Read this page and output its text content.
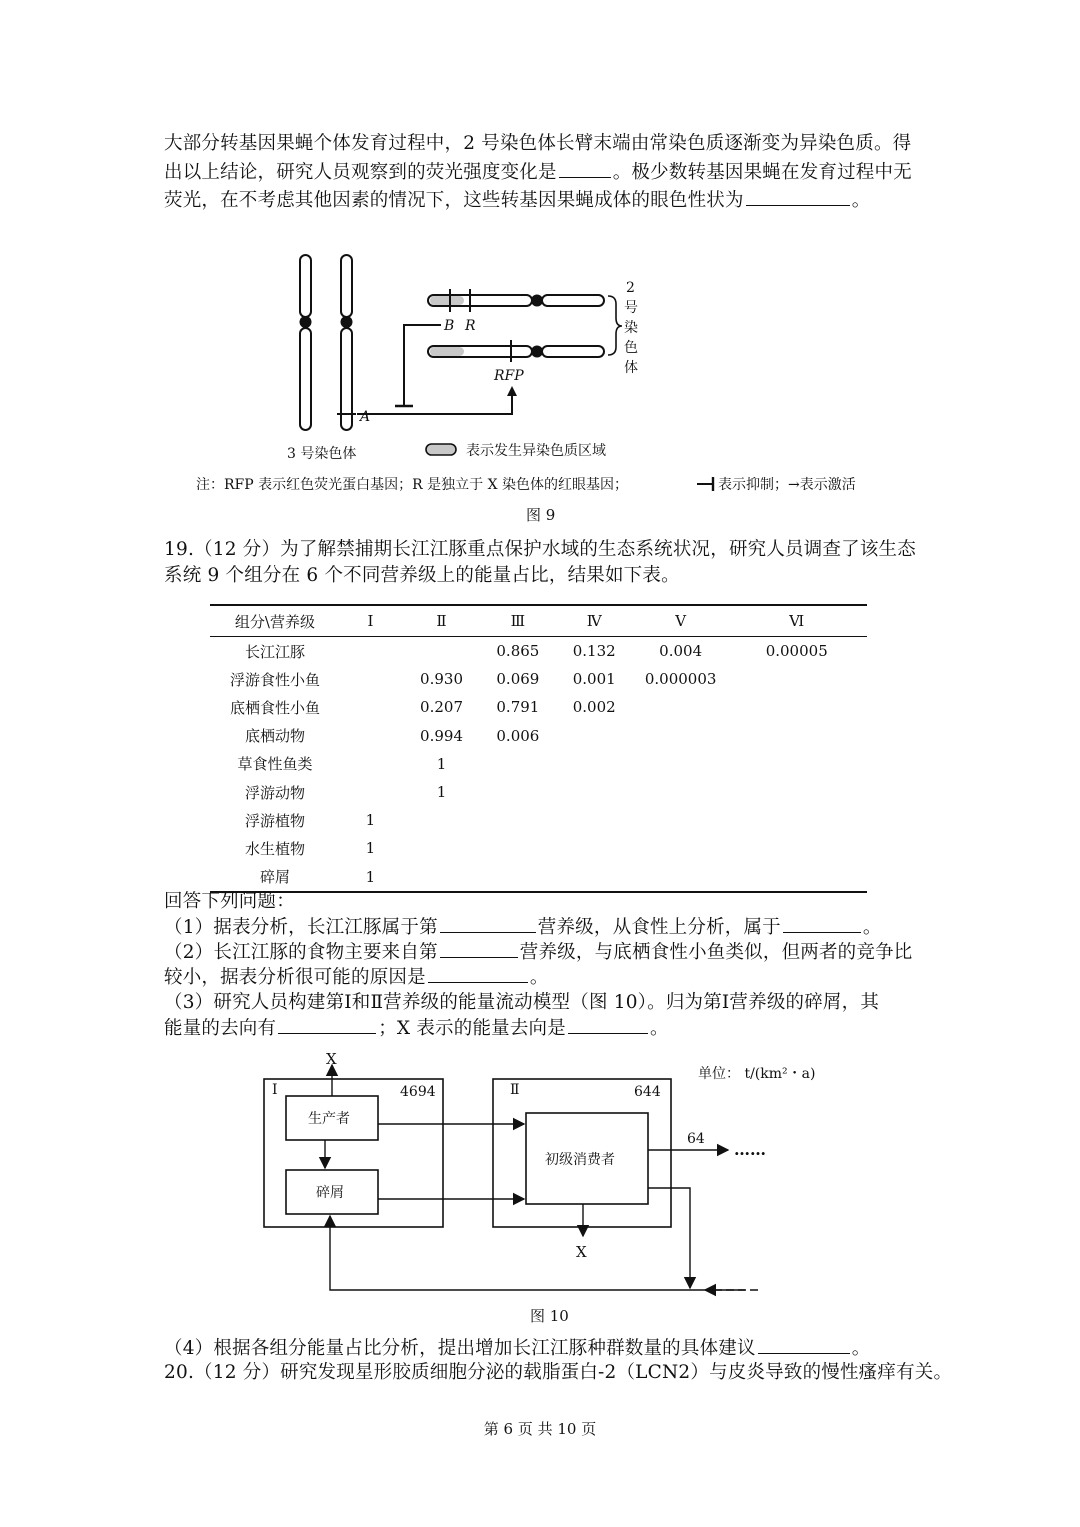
大部分转基因果蝇个体发育过程中，2 号染色体长臂末端由常染色质逐渐变为异染色质。得
出以上结论，研究人员观察到的荧光强度变化是	。极少数转基因果蝇在发育过程中无
荧光，在不考虑其他因素的情况下，这些转基因果蝇成体的眼色性状为	。
A
3 号染色体
B R
RFP
2
号
染
色
体
表示发生异染色质区域
注：RFP 表示红色荧光蛋白基因；R 是独立于 X 染色体的红眼基因；	表示抑制；→表示激活
图 9
19.（12 分）为了解禁捕期长江江豚重点保护水域的生态系统状况，研究人员调查了该生态
系统 9 个组分在 6 个不同营养级上的能量占比，结果如下表。
组分\营养级	Ⅰ	Ⅱ	Ⅲ	Ⅳ	Ⅴ	Ⅵ
长江江豚			0.865	0.132	0.004	0.00005
浮游食性小鱼		0.930	0.069	0.001	0.000003	
底栖食性小鱼		0.207	0.791	0.002		
底栖动物		0.994	0.006			
草食性鱼类		1				
浮游动物		1				
浮游植物	1					
水生植物	1					
碎屑	1					
回答下列问题：
（1）据表分析，长江江豚属于第	营养级，从食性上分析，属于	。
（2）长江江豚的食物主要来自第	营养级，与底栖食性小鱼类似，但两者的竞争比
较小，据表分析很可能的原因是	。
（3）研究人员构建第Ⅰ和Ⅱ营养级的能量流动模型（图 10）。归为第Ⅰ营养级的碎屑，其
能量的去向有	；X 表示的能量去向是	。
单位： t/(km²・a)
Ⅰ	4694
生产者
碎屑
X
Ⅱ	644
初级消费者
X
64
……
图 10
（4）根据各组分能量占比分析，提出增加长江江豚种群数量的具体建议	。
20.（12 分）研究发现星形胶质细胞分泌的载脂蛋白-2（LCN2）与皮炎导致的慢性瘙痒有关。
第 6 页 共 10 页
